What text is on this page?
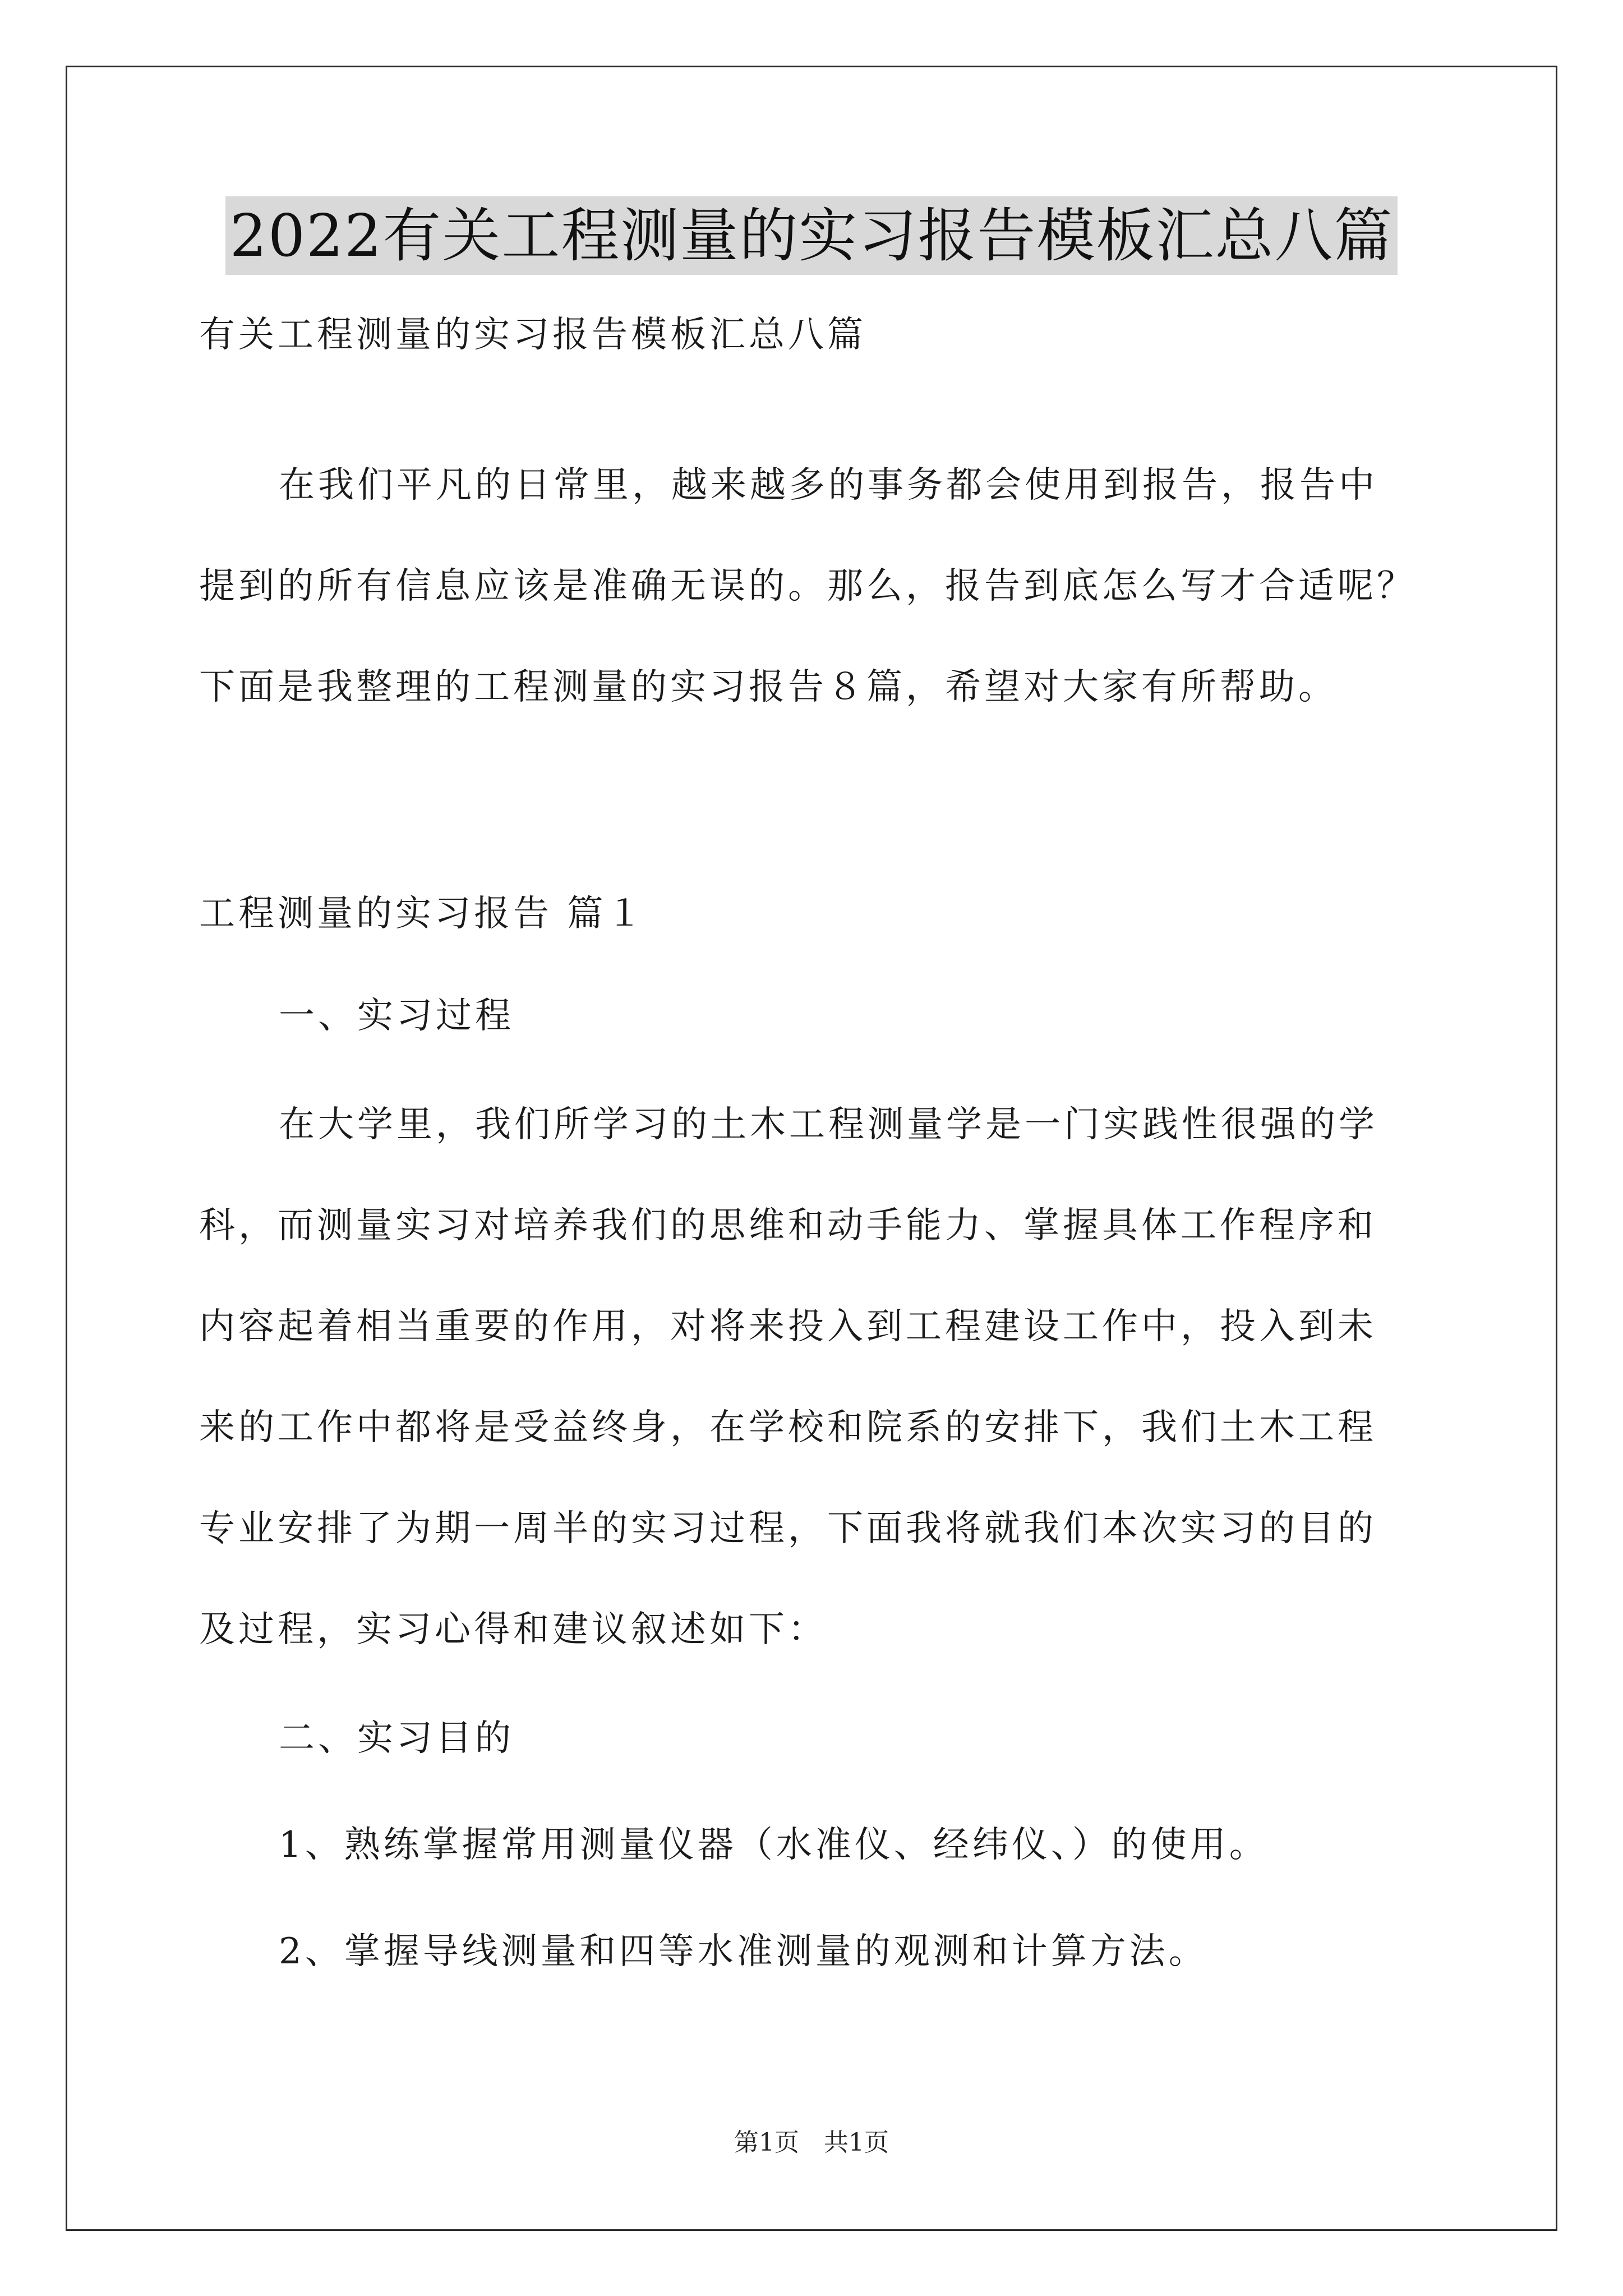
2022有关工程测量的实习报告模板汇总八篇
有关工程测量的实习报告模板汇总八篇
在我们平凡的日常里，越来越多的事务都会使用到报告，报告中
提到的所有信息应该是准确无误的。那么，报告到底怎么写才合适呢？
下面是我整理的工程测量的实习报告８篇，希望对大家有所帮助。
工程测量的实习报告 篇１
一、实习过程
在大学里，我们所学习的土木工程测量学是一门实践性很强的学
科，而测量实习对培养我们的思维和动手能力、掌握具体工作程序和
内容起着相当重要的作用，对将来投入到工程建设工作中，投入到未
来的工作中都将是受益终身，在学校和院系的安排下，我们土木工程
专业安排了为期一周半的实习过程，下面我将就我们本次实习的目的
及过程，实习心得和建议叙述如下：
二、实习目的
1、熟练掌握常用测量仪器（水准仪、经纬仪、）的使用。
2、掌握导线测量和四等水准测量的观测和计算方法。
第1页　共1页
